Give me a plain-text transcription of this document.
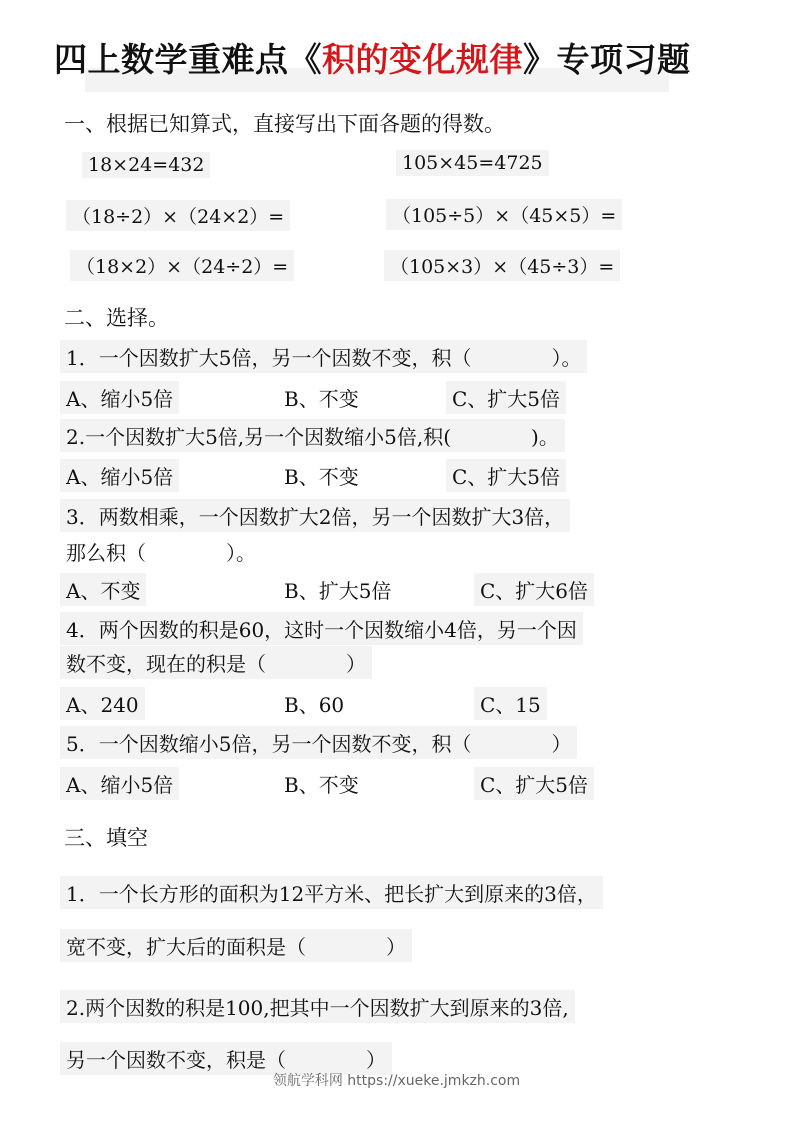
四上数学重难点《积的变化规律》专项习题
一、根据已知算式，直接写出下面各题的得数。
18×24=432	105×45=4725
（18÷2）×（24×2）=	（105÷5）×（45×5）=
（18×2）×（24÷2）=	（105×3）×（45÷3）=
二、选择。
1．一个因数扩大5倍，另一个因数不变，积（　　　　）。
A、缩小5倍	B、不变	C、扩大5倍
2.一个因数扩大5倍,另一个因数缩小5倍,积(　　　　)。
A、缩小5倍	B、不变	C、扩大5倍
3．两数相乘，一个因数扩大2倍，另一个因数扩大3倍，
那么积（　　　　）。
A、不变	B、扩大5倍	C、扩大6倍
4．两个因数的积是60，这时一个因数缩小4倍，另一个因
数不变，现在的积是（　　　　）
A、240	B、60	C、15
5．一个因数缩小5倍，另一个因数不变，积（　　　　）
A、缩小5倍	B、不变	C、扩大5倍
三、填空
1．一个长方形的面积为12平方米、把长扩大到原来的3倍，
宽不变，扩大后的面积是（　　　　）
2.两个因数的积是100,把其中一个因数扩大到原来的3倍,
另一个因数不变，积是（　　　　）
领航学科网 https://xueke.jmkzh.com
